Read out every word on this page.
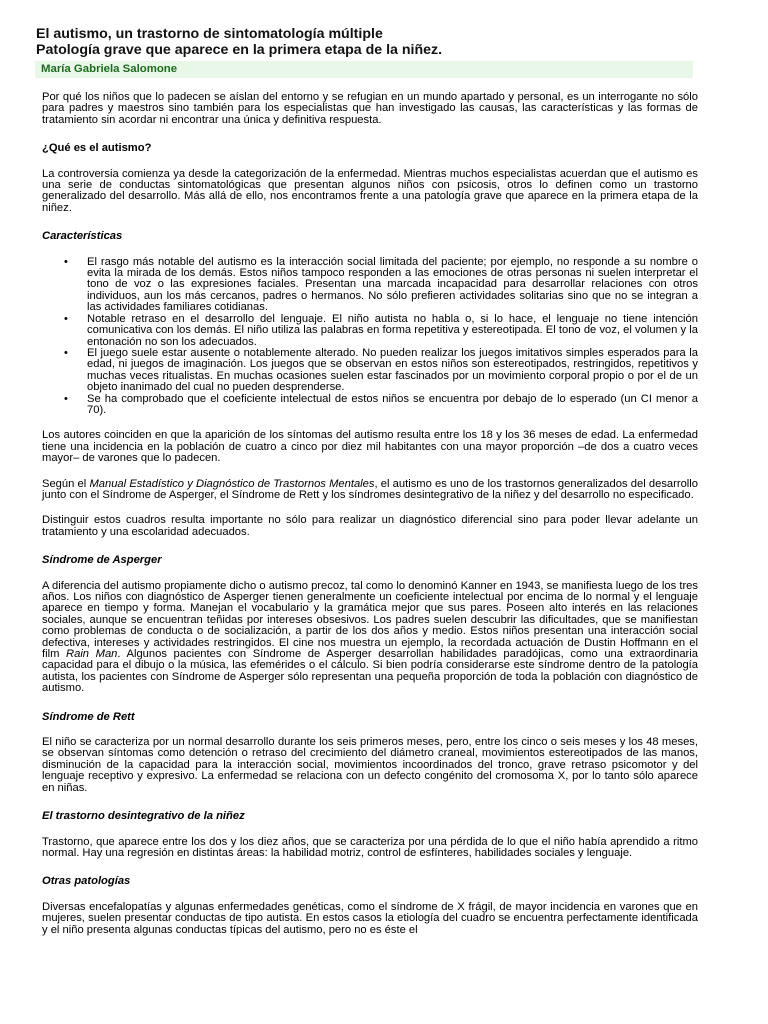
El autismo, un trastorno de sintomatología múltiple
Patología grave que aparece en la primera etapa de la niñez.
María Gabriela Salomone

Por qué los niños que lo padecen se aíslan del entorno y se refugian en un mundo apartado y personal, es un interrogante no sólo para padres y maestros sino también para los especialistas que han investigado las causas, las características y las formas de tratamiento sin acordar ni encontrar una única y definitiva respuesta.

¿Qué es el autismo?

La controversia comienza ya desde la categorización de la enfermedad. Mientras muchos especialistas acuerdan que el autismo es una serie de conductas sintomatológicas que presentan algunos niños con psicosis, otros lo definen como un trastorno generalizado del desarrollo. Más allá de ello, nos encontramos frente a una patología grave que aparece en la primera etapa de la niñez.

Características

• El rasgo más notable del autismo es la interacción social limitada del paciente; por ejemplo, no responde a su nombre o evita la mirada de los demás. Estos niños tampoco responden a las emociones de otras personas ni suelen interpretar el tono de voz o las expresiones faciales. Presentan una marcada incapacidad para desarrollar relaciones con otros individuos, aun los más cercanos, padres o hermanos. No sólo prefieren actividades solitarias sino que no se integran a las actividades familiares cotidianas.
• Notable retraso en el desarrollo del lenguaje. El niño autista no habla o, si lo hace, el lenguaje no tiene intención comunicativa con los demás. El niño utiliza las palabras en forma repetitiva y estereotipada. El tono de voz, el volumen y la entonación no son los adecuados.
• El juego suele estar ausente o notablemente alterado. No pueden realizar los juegos imitativos simples esperados para la edad, ni juegos de imaginación. Los juegos que se observan en estos niños son estereotipados, restringidos, repetitivos y muchas veces ritualistas. En muchas ocasiones suelen estar fascinados por un movimiento corporal propio o por el de un objeto inanimado del cual no pueden desprenderse.
• Se ha comprobado que el coeficiente intelectual de estos niños se encuentra por debajo de lo esperado (un CI menor a 70).

Los autores coinciden en que la aparición de los síntomas del autismo resulta entre los 18 y los 36 meses de edad. La enfermedad tiene una incidencia en la población de cuatro a cinco por diez mil habitantes con una mayor proporción –de dos a cuatro veces mayor– de varones que lo padecen.

Según el Manual Estadístico y Diagnóstico de Trastornos Mentales, el autismo es uno de los trastornos generalizados del desarrollo junto con el Síndrome de Asperger, el Síndrome de Rett y los síndromes desintegrativo de la niñez y del desarrollo no especificado.

Distinguir estos cuadros resulta importante no sólo para realizar un diagnóstico diferencial sino para poder llevar adelante un tratamiento y una escolaridad adecuados.

Síndrome de Asperger

A diferencia del autismo propiamente dicho o autismo precoz, tal como lo denominó Kanner en 1943, se manifiesta luego de los tres años. Los niños con diagnóstico de Asperger tienen generalmente un coeficiente intelectual por encima de lo normal y el lenguaje aparece en tiempo y forma. Manejan el vocabulario y la gramática mejor que sus pares. Poseen alto interés en las relaciones sociales, aunque se encuentran teñidas por intereses obsesivos. Los padres suelen descubrir las dificultades, que se manifiestan como problemas de conducta o de socialización, a partir de los dos años y medio. Estos niños presentan una interacción social defectiva, intereses y actividades restringidos. El cine nos muestra un ejemplo, la recordada actuación de Dustin Hoffmann en el film Rain Man. Algunos pacientes con Síndrome de Asperger desarrollan habilidades paradójicas, como una extraordinaria capacidad para el dibujo o la música, las efemérides o el cálculo. Si bien podría considerarse este síndrome dentro de la patología autista, los pacientes con Síndrome de Asperger sólo representan una pequeña proporción de toda la población con diagnóstico de autismo.

Síndrome de Rett

El niño se caracteriza por un normal desarrollo durante los seis primeros meses, pero, entre los cinco o seis meses y los 48 meses, se observan síntomas como detención o retraso del crecimiento del diámetro craneal, movimientos estereotipados de las manos, disminución de la capacidad para la interacción social, movimientos incoordinados del tronco, grave retraso psicomotor y del lenguaje receptivo y expresivo. La enfermedad se relaciona con un defecto congénito del cromosoma X, por lo tanto sólo aparece en niñas.

El trastorno desintegrativo de la niñez

Trastorno, que aparece entre los dos y los diez años, que se caracteriza por una pérdida de lo que el niño había aprendido a ritmo normal. Hay una regresión en distintas áreas: la habilidad motriz, control de esfínteres, habilidades sociales y lenguaje.

Otras patologías

Diversas encefalopatías y algunas enfermedades genéticas, como el síndrome de X frágil, de mayor incidencia en varones que en mujeres, suelen presentar conductas de tipo autista. En estos casos la etiología del cuadro se encuentra perfectamente identificada y el niño presenta algunas conductas típicas del autismo, pero no es éste el
